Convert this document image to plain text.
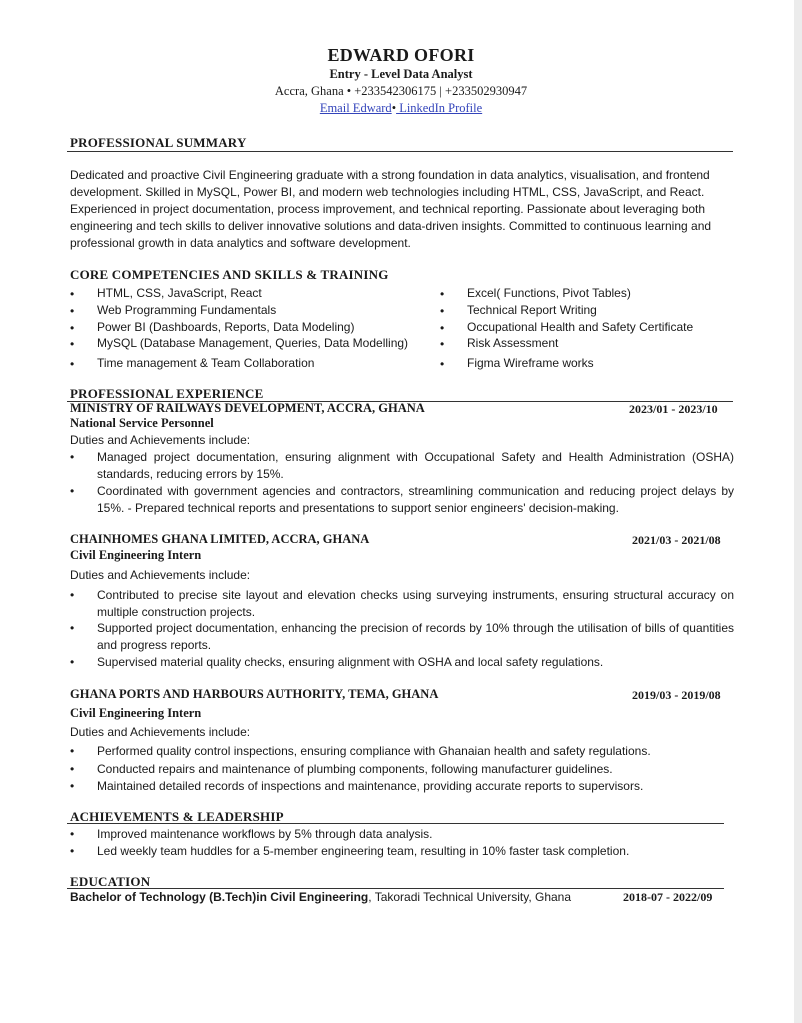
EDWARD OFORI
Entry - Level Data Analyst
Accra, Ghana • +233542306175 | +233502930947
Email Edward• LinkedIn Profile
PROFESSIONAL SUMMARY
Dedicated and proactive Civil Engineering graduate with a strong foundation in data analytics, visualisation, and frontend development. Skilled in MySQL, Power BI, and modern web technologies including HTML, CSS, JavaScript, and React. Experienced in project documentation, process improvement, and technical reporting. Passionate about leveraging both engineering and tech skills to deliver innovative solutions and data-driven insights. Committed to continuous learning and professional growth in data analytics and software development.
CORE COMPETENCIES AND SKILLS & TRAINING
• HTML, CSS, JavaScript, React
• Web Programming Fundamentals
• Power BI (Dashboards, Reports, Data Modeling)
• MySQL (Database Management, Queries, Data Modelling)
• Time management & Team Collaboration
• Excel( Functions, Pivot Tables)
• Technical Report Writing
• Occupational Health and Safety Certificate
• Risk Assessment
• Figma Wireframe works
PROFESSIONAL EXPERIENCE
MINISTRY OF RAILWAYS DEVELOPMENT, ACCRA, GHANA	2023/01 - 2023/10
National Service Personnel
Duties and Achievements include:
• Managed project documentation, ensuring alignment with Occupational Safety and Health Administration (OSHA) standards, reducing errors by 15%.
• Coordinated with government agencies and contractors, streamlining communication and reducing project delays by 15%. - Prepared technical reports and presentations to support senior engineers' decision-making.
CHAINHOMES GHANA LIMITED, ACCRA, GHANA	2021/03 - 2021/08
Civil Engineering Intern
Duties and Achievements include:
• Contributed to precise site layout and elevation checks using surveying instruments, ensuring structural accuracy on multiple construction projects.
• Supported project documentation, enhancing the precision of records by 10% through the utilisation of bills of quantities and progress reports.
• Supervised material quality checks, ensuring alignment with OSHA and local safety regulations.
GHANA PORTS AND HARBOURS AUTHORITY, TEMA, GHANA	2019/03 - 2019/08
Civil Engineering Intern
Duties and Achievements include:
• Performed quality control inspections, ensuring compliance with Ghanaian health and safety regulations.
• Conducted repairs and maintenance of plumbing components, following manufacturer guidelines.
• Maintained detailed records of inspections and maintenance, providing accurate reports to supervisors.
ACHIEVEMENTS & LEADERSHIP
• Improved maintenance workflows by 5% through data analysis.
• Led weekly team huddles for a 5-member engineering team, resulting in 10% faster task completion.
EDUCATION
Bachelor of Technology (B.Tech)in Civil Engineering, Takoradi Technical University, Ghana	2018-07 - 2022/09
